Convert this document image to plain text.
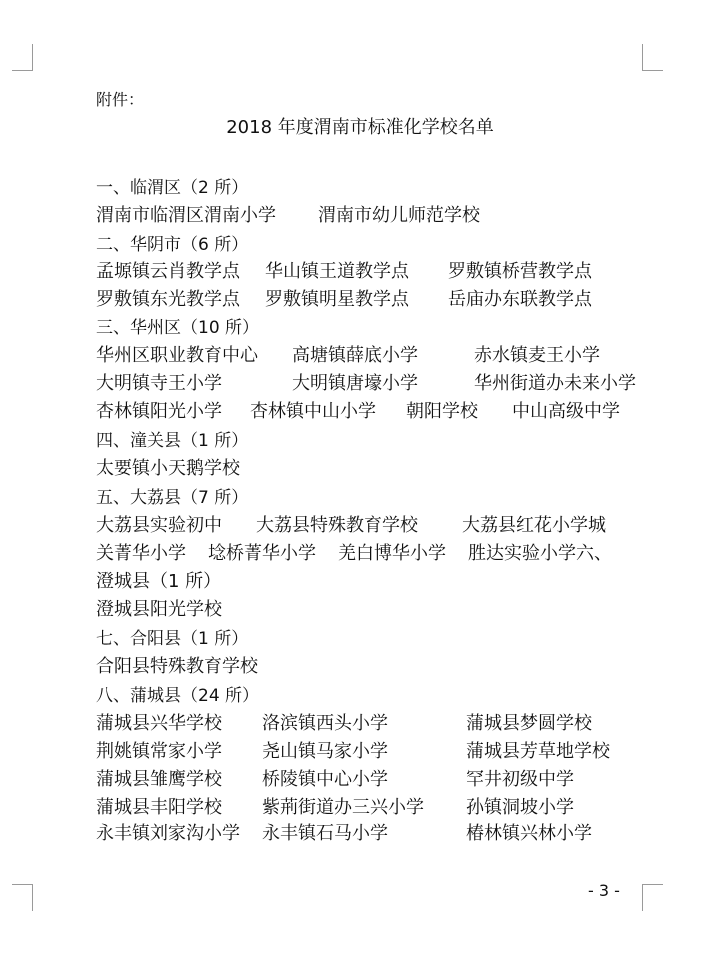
附件：
2018 年度渭南市标准化学校名单
一、临渭区（2 所）
渭南市临渭区渭南小学 渭南市幼儿师范学校
二、华阴市（6 所）
孟塬镇云肖教学点 华山镇王道教学点 罗敷镇桥营教学点
罗敷镇东光教学点 罗敷镇明星教学点 岳庙办东联教学点
三、华州区（10 所）
华州区职业教育中心 高塘镇薛底小学	赤水镇麦王小学
大明镇寺王小学	大明镇唐壕小学	华州街道办未来小学
杏林镇阳光小学 杏林镇中山小学 朝阳学校 中山高级中学
四、潼关县（1 所）
太要镇小天鹅学校
五、大荔县（7 所）
大荔县实验初中 大荔县特殊教育学校 大荔县红花小学城
关菁华小学 埝桥菁华小学 羌白博华小学 胜达实验小学六、
澄城县（1 所）
澄城县阳光学校
七、合阳县（1 所）
合阳县特殊教育学校
八、蒲城县（24 所）
蒲城县兴华学校 洛滨镇西头小学	蒲城县梦圆学校
荆姚镇常家小学 尧山镇马家小学	蒲城县芳草地学校
蒲城县雏鹰学校 桥陵镇中心小学	罕井初级中学
蒲城县丰阳学校 紫荊街道办三兴小学 孙镇洞坡小学
永丰镇刘家沟小学 永丰镇石马小学	椿林镇兴林小学
- 3 -
